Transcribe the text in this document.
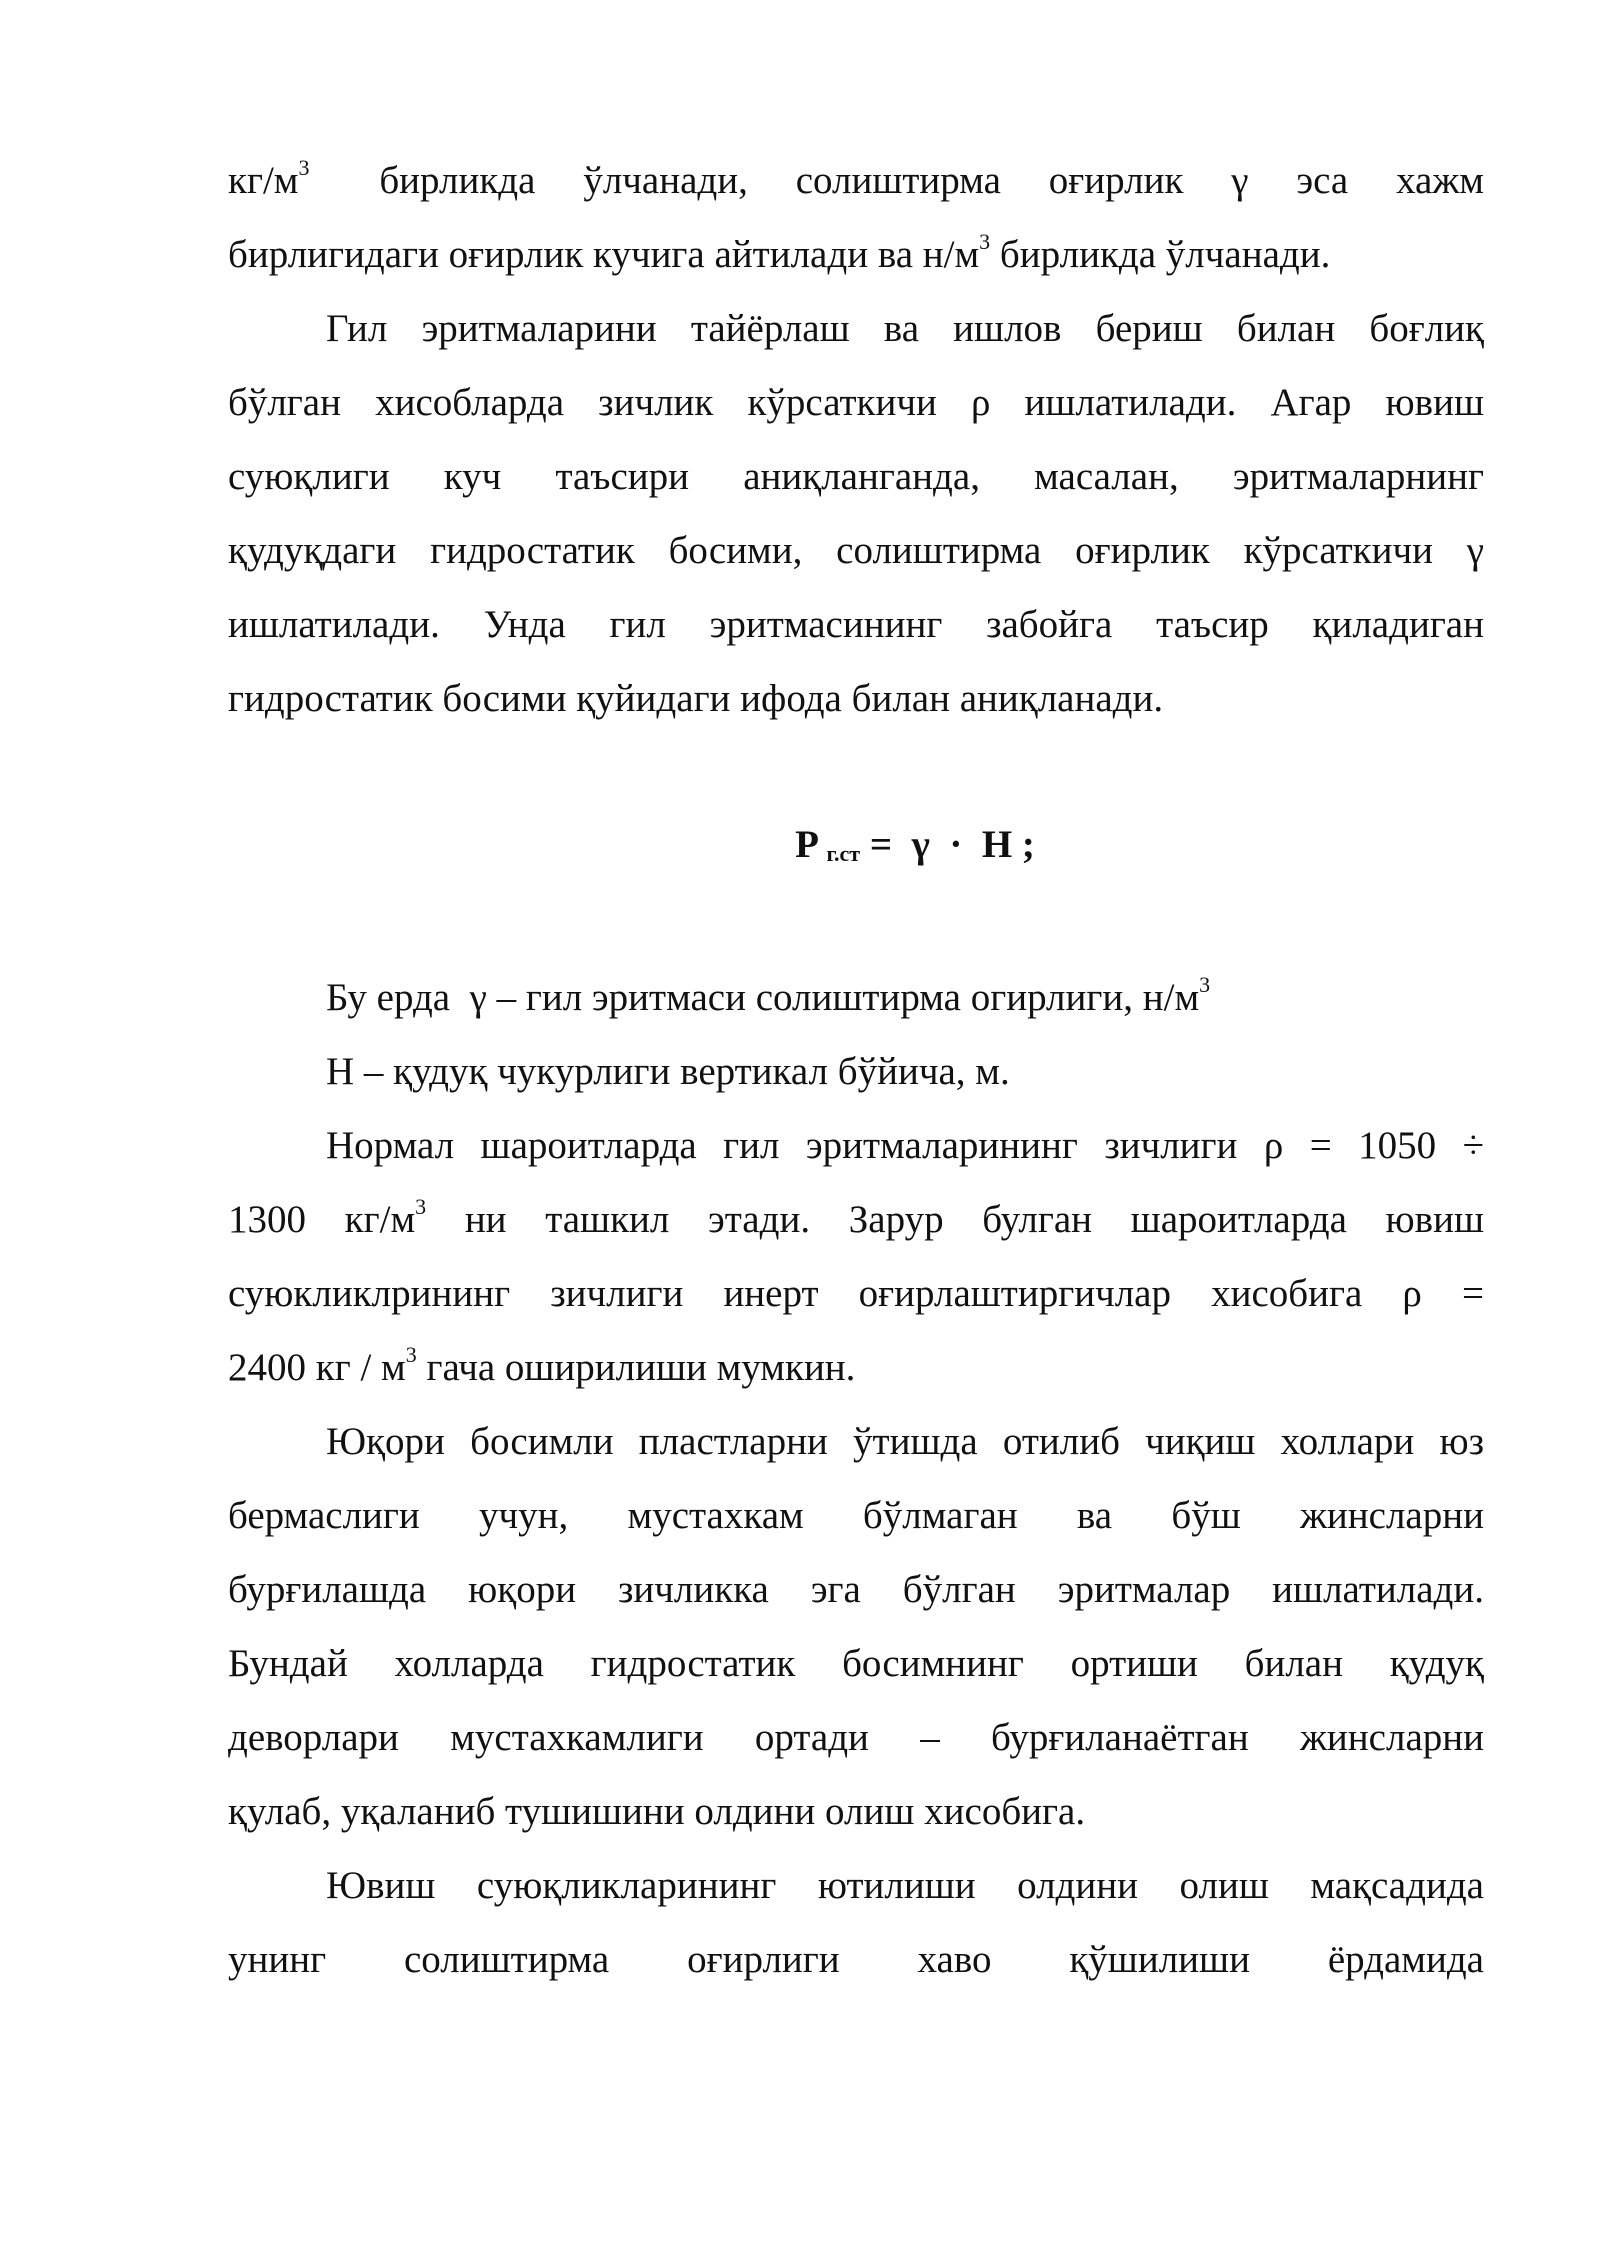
$кг/м^3$ бирликда ўлчанади, солиштирма оғирлик γ эса хажм
бирлигидаги оғирлик кучига айтилади ва $н/м^3$ бирликда ўлчанади.
Гил эритмаларини тайёрлаш ва ишлов бериш билан боғлиқ
бўлган хисобларда зичлик кўрсаткичи ρ ишлатилади. Агар ювиш
суюқлиги куч таъсири аниқланганда, масалан, эритмаларнинг
қудуқдаги гидростатик босими, солиштирма оғирлик кўрсаткичи γ
ишлатилади. Унда гил эритмасининг забойга таъсир қиладиган
гидростатик босими қуйидаги ифода билан аниқланади.
P $_{г.ст}$ =  γ  ·  H ;
Бу ерда  γ – гил эритмаси солиштирма огирлиги, $н/м^3$
H – қудуқ чукурлиги вертикал бўйича, м.
Нормал шароитларда гил эритмаларининг зичлиги ρ = 1050 ÷
1300 $кг/м^3$ ни ташкил этади. Зарур булган шароитларда ювиш
суюкликлрининг зичлиги инерт оғирлаштиргичлар хисобига ρ =
2400 кг / $м^3$ гача оширилиши мумкин.
Юқори босимли пластларни ўтишда отилиб чиқиш холлари юз
бермаслиги учун, мустахкам бўлмаган ва бўш жинсларни
бурғилашда юқори зичликка эга бўлган эритмалар ишлатилади.
Бундай холларда гидростатик босимнинг ортиши билан қудуқ
деворлари мустахкамлиги ортади – бурғиланаётган жинсларни
қулаб, уқаланиб тушишини олдини олиш хисобига.
Ювиш суюқликларининг ютилиши олдини олиш мақсадида
унинг солиштирма оғирлиги хаво қўшилиши ёрдамида
